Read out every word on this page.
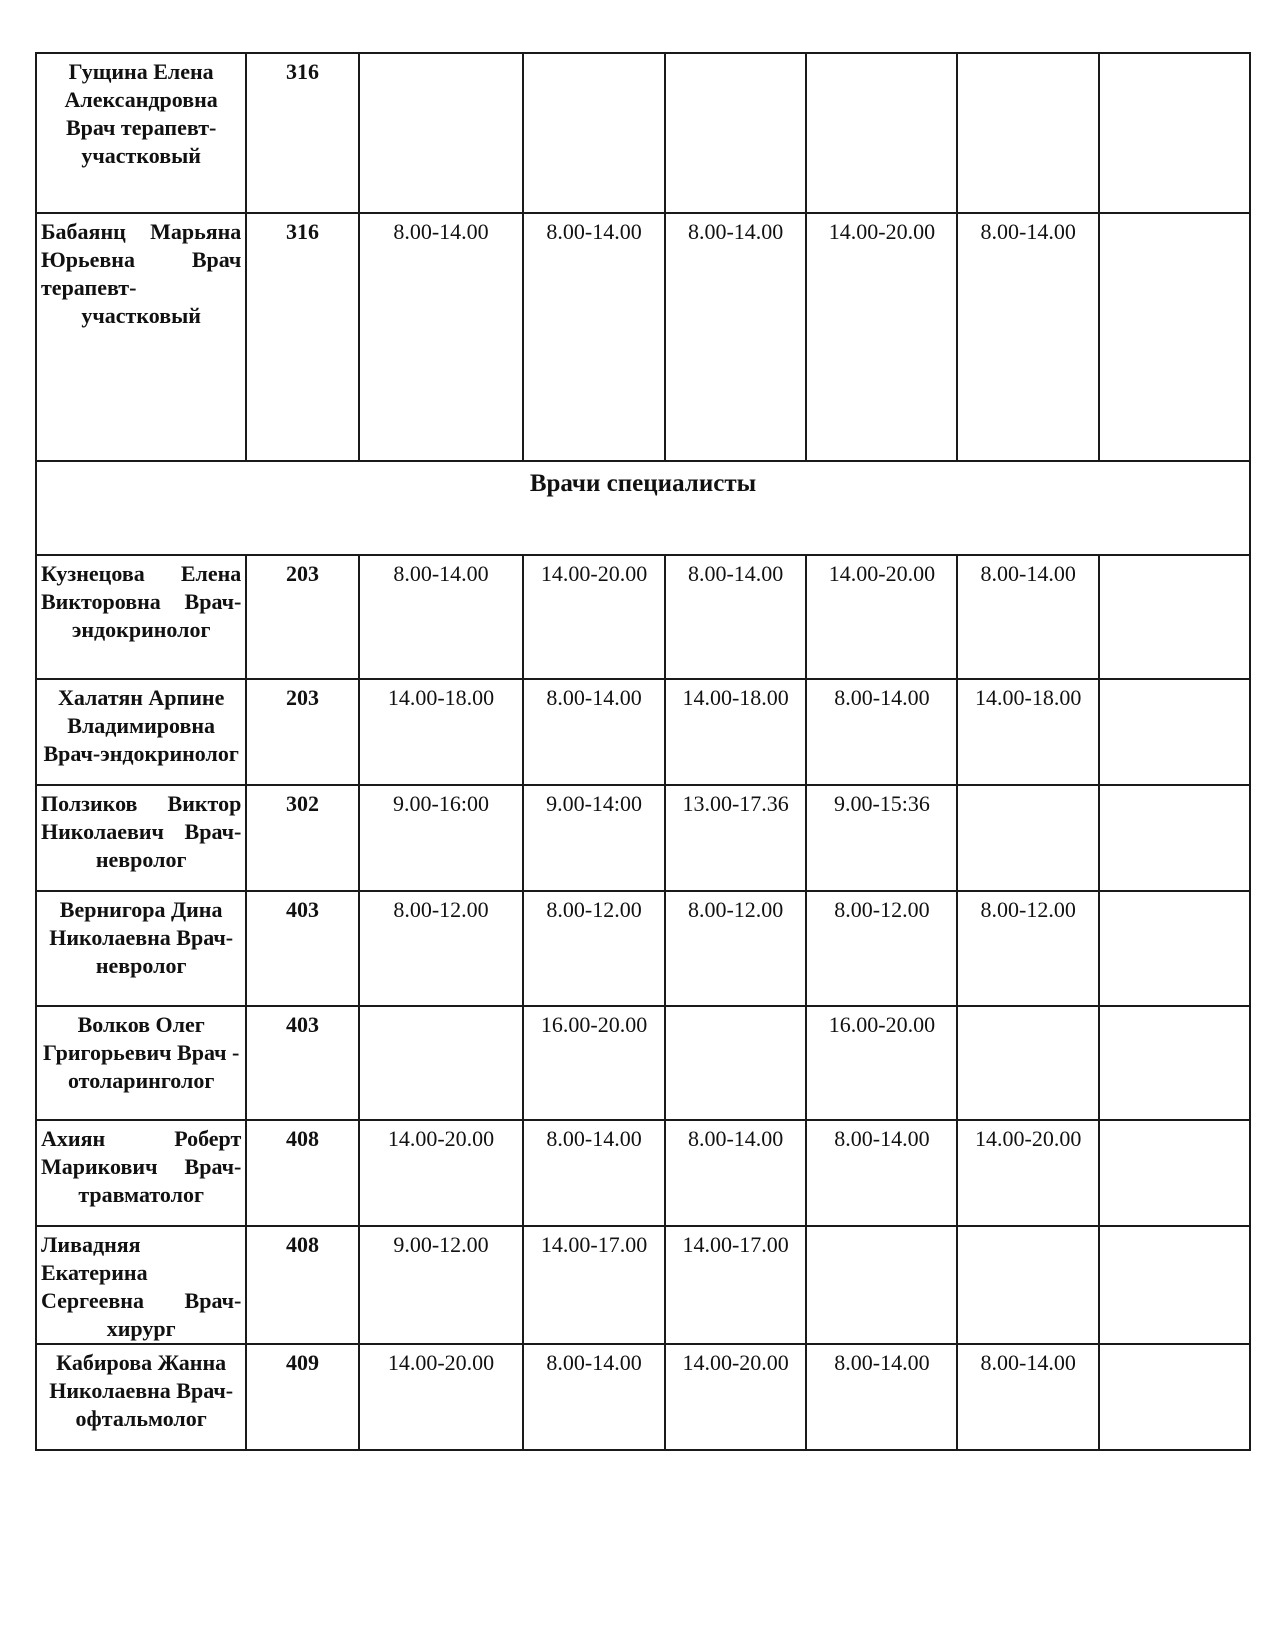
Гущина Елена Александровна Врач терапевт-участковый	316						
Бабаянц Марьяна Юрьевна Врач терапевт-участковый	316	8.00-14.00	8.00-14.00	8.00-14.00	14.00-20.00	8.00-14.00	
Врачи специалисты							
Кузнецова Елена Викторовна Врач-эндокринолог	203	8.00-14.00	14.00-20.00	8.00-14.00	14.00-20.00	8.00-14.00	
Халатян Арпине Владимировна Врач-эндокринолог	203	14.00-18.00	8.00-14.00	14.00-18.00	8.00-14.00	14.00-18.00	
Ползиков Виктор Николаевич Врач-невролог	302	9.00-16:00	9.00-14:00	13.00-17.36	9.00-15:36		
Вернигора Дина Николаевна Врач-невролог	403	8.00-12.00	8.00-12.00	8.00-12.00	8.00-12.00	8.00-12.00	
Волков Олег Григорьевич Врач - отоларинголог	403		16.00-20.00		16.00-20.00		
Ахиян Роберт Марикович Врач-травматолог	408	14.00-20.00	8.00-14.00	8.00-14.00	8.00-14.00	14.00-20.00	
Ливадняя Екатерина Сергеевна Врач-хирург	408	9.00-12.00	14.00-17.00	14.00-17.00			
Кабирова Жанна Николаевна Врач-офтальмолог	409	14.00-20.00	8.00-14.00	14.00-20.00	8.00-14.00	8.00-14.00	
